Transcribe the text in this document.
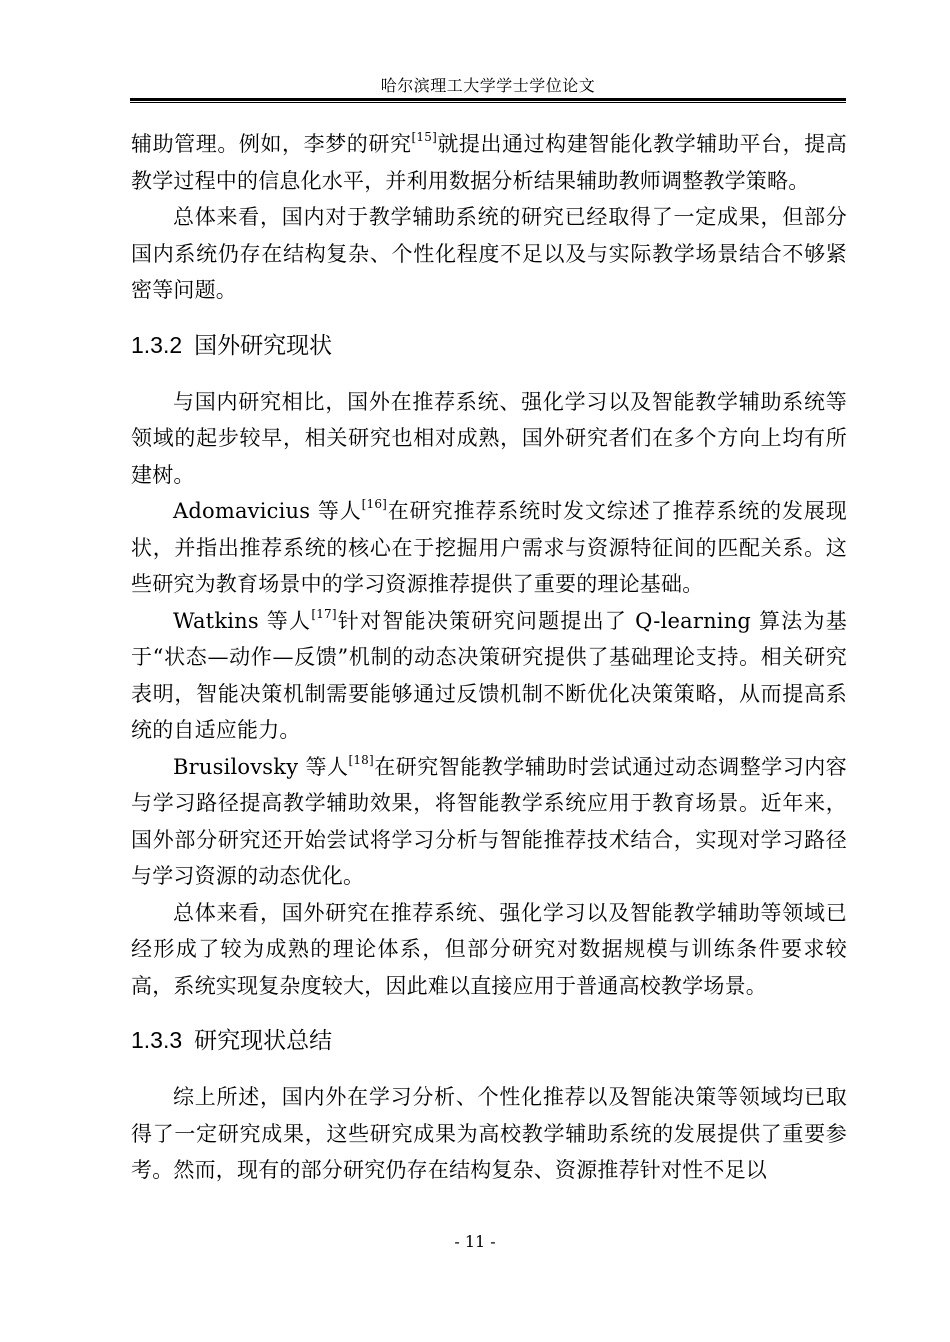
哈尔滨理工大学学士学位论文

辅助管理。例如，李梦的研究[15]就提出通过构建智能化教学辅助平台，提高教学过程中的信息化水平，并利用数据分析结果辅助教师调整教学策略。

总体来看，国内对于教学辅助系统的研究已经取得了一定成果，但部分国内系统仍存在结构复杂、个性化程度不足以及与实际教学场景结合不够紧密等问题。

1.3.2 国外研究现状

与国内研究相比，国外在推荐系统、强化学习以及智能教学辅助系统等领域的起步较早，相关研究也相对成熟，国外研究者们在多个方向上均有所建树。

Adomavicius 等人[16]在研究推荐系统时发文综述了推荐系统的发展现状，并指出推荐系统的核心在于挖掘用户需求与资源特征间的匹配关系。这些研究为教育场景中的学习资源推荐提供了重要的理论基础。

Watkins 等人[17]针对智能决策研究问题提出了 Q-learning 算法为基于“状态—动作—反馈”机制的动态决策研究提供了基础理论支持。相关研究表明，智能决策机制需要能够通过反馈机制不断优化决策策略，从而提高系统的自适应能力。

Brusilovsky 等人[18]在研究智能教学辅助时尝试通过动态调整学习内容与学习路径提高教学辅助效果，将智能教学系统应用于教育场景。近年来，国外部分研究还开始尝试将学习分析与智能推荐技术结合，实现对学习路径与学习资源的动态优化。

总体来看，国外研究在推荐系统、强化学习以及智能教学辅助等领域已经形成了较为成熟的理论体系，但部分研究对数据规模与训练条件要求较高，系统实现复杂度较大，因此难以直接应用于普通高校教学场景。

1.3.3 研究现状总结

综上所述，国内外在学习分析、个性化推荐以及智能决策等领域均已取得了一定研究成果，这些研究成果为高校教学辅助系统的发展提供了重要参考。然而，现有的部分研究仍存在结构复杂、资源推荐针对性不足以

- 11 -
